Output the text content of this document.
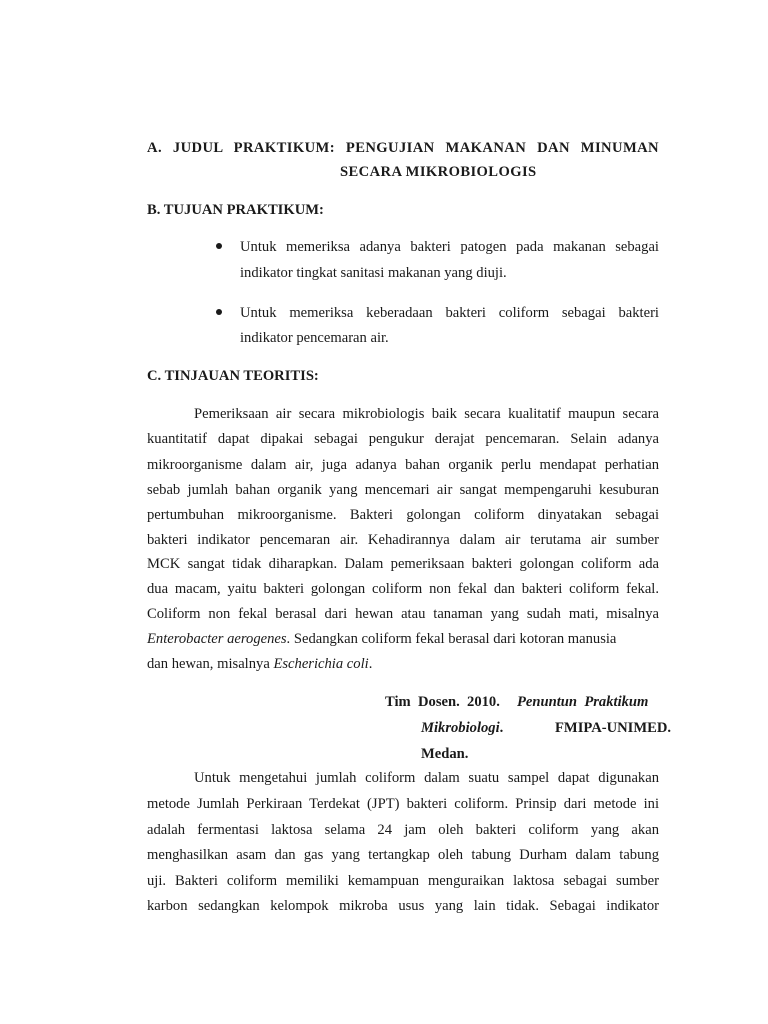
A. JUDUL PRAKTIKUM: PENGUJIAN MAKANAN DAN MINUMAN
SECARA MIKROBIOLOGIS
B. TUJUAN PRAKTIKUM:
Untuk memeriksa adanya bakteri patogen pada makanan sebagai
indikator tingkat sanitasi makanan yang diuji.
Untuk memeriksa keberadaan bakteri coliform sebagai bakteri
indikator pencemaran air.
C. TINJAUAN TEORITIS:
Pemeriksaan air secara mikrobiologis baik secara kualitatif maupun secara
kuantitatif dapat dipakai sebagai pengukur derajat pencemaran. Selain adanya
mikroorganisme dalam air, juga adanya bahan organik perlu mendapat perhatian
sebab jumlah bahan organik yang mencemari air sangat mempengaruhi kesuburan
pertumbuhan mikroorganisme. Bakteri golongan coliform dinyatakan sebagai
bakteri indikator pencemaran air. Kehadirannya dalam air terutama air sumber
MCK sangat tidak diharapkan. Dalam pemeriksaan bakteri golongan coliform ada
dua macam, yaitu bakteri golongan coliform non fekal dan bakteri coliform fekal.
Coliform non fekal berasal dari hewan atau tanaman yang sudah mati, misalnya
Enterobacter aerogenes. Sedangkan coliform fekal berasal dari kotoran manusia
dan hewan, misalnya Escherichia coli.
Tim  Dosen.  2010. Penuntun  Praktikum
Mikrobiologi.	FMIPA-UNIMED.
Medan.
Untuk mengetahui jumlah coliform dalam suatu sampel dapat digunakan
metode Jumlah Perkiraan Terdekat (JPT) bakteri coliform. Prinsip dari metode ini
adalah fermentasi laktosa selama 24 jam oleh bakteri coliform yang akan
menghasilkan asam dan gas yang tertangkap oleh tabung Durham dalam tabung
uji. Bakteri coliform memiliki kemampuan menguraikan laktosa sebagai sumber
karbon sedangkan kelompok mikroba usus yang lain tidak. Sebagai indikator
